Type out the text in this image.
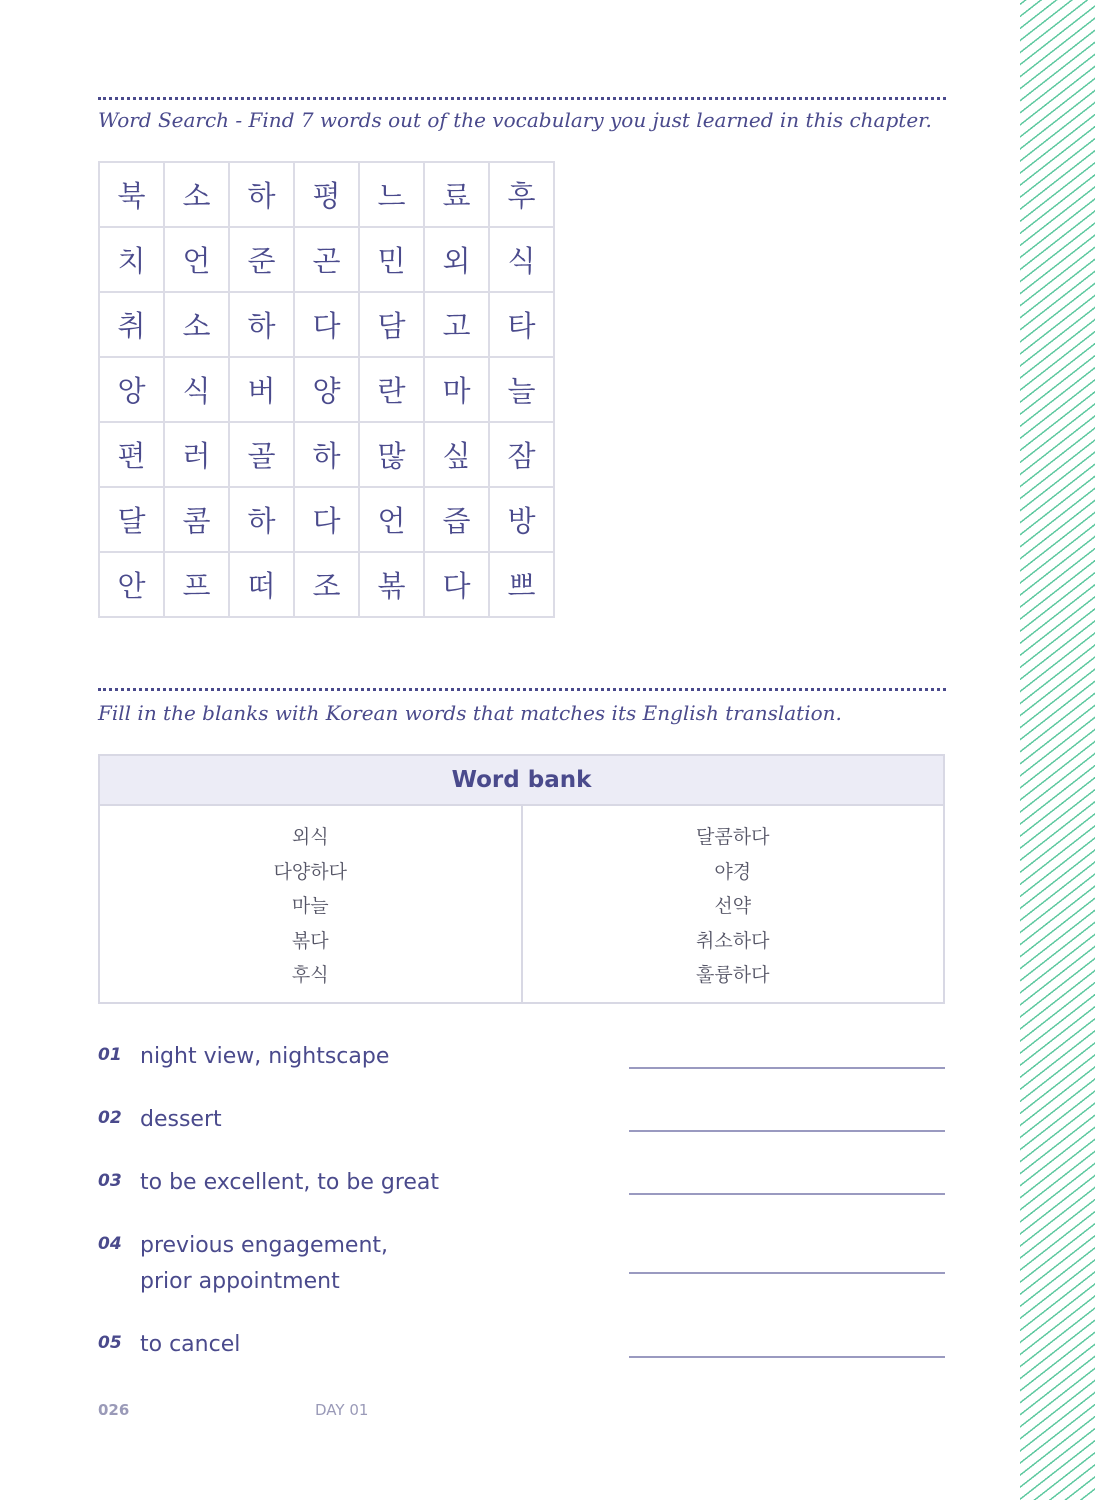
Word Search - Find 7 words out of the vocabulary you just learned in this chapter.
북	소	하	평	느	료	후
치	언	준	곤	민	외	식
취	소	하	다	담	고	타
앙	식	버	양	란	마	늘
편	러	골	하	많	싶	잠
달	콤	하	다	언	즙	방
안	프	떠	조	볶	다	쁘
Fill in the blanks with Korean words that matches its English translation.
Word bank
외식
다양하다
마늘
볶다
후식
달콤하다
야경
선약
취소하다
훌륭하다
01 night view, nightscape
02 dessert
03 to be excellent, to be great
04 previous engagement,
prior appointment
05 to cancel
026	DAY 01
